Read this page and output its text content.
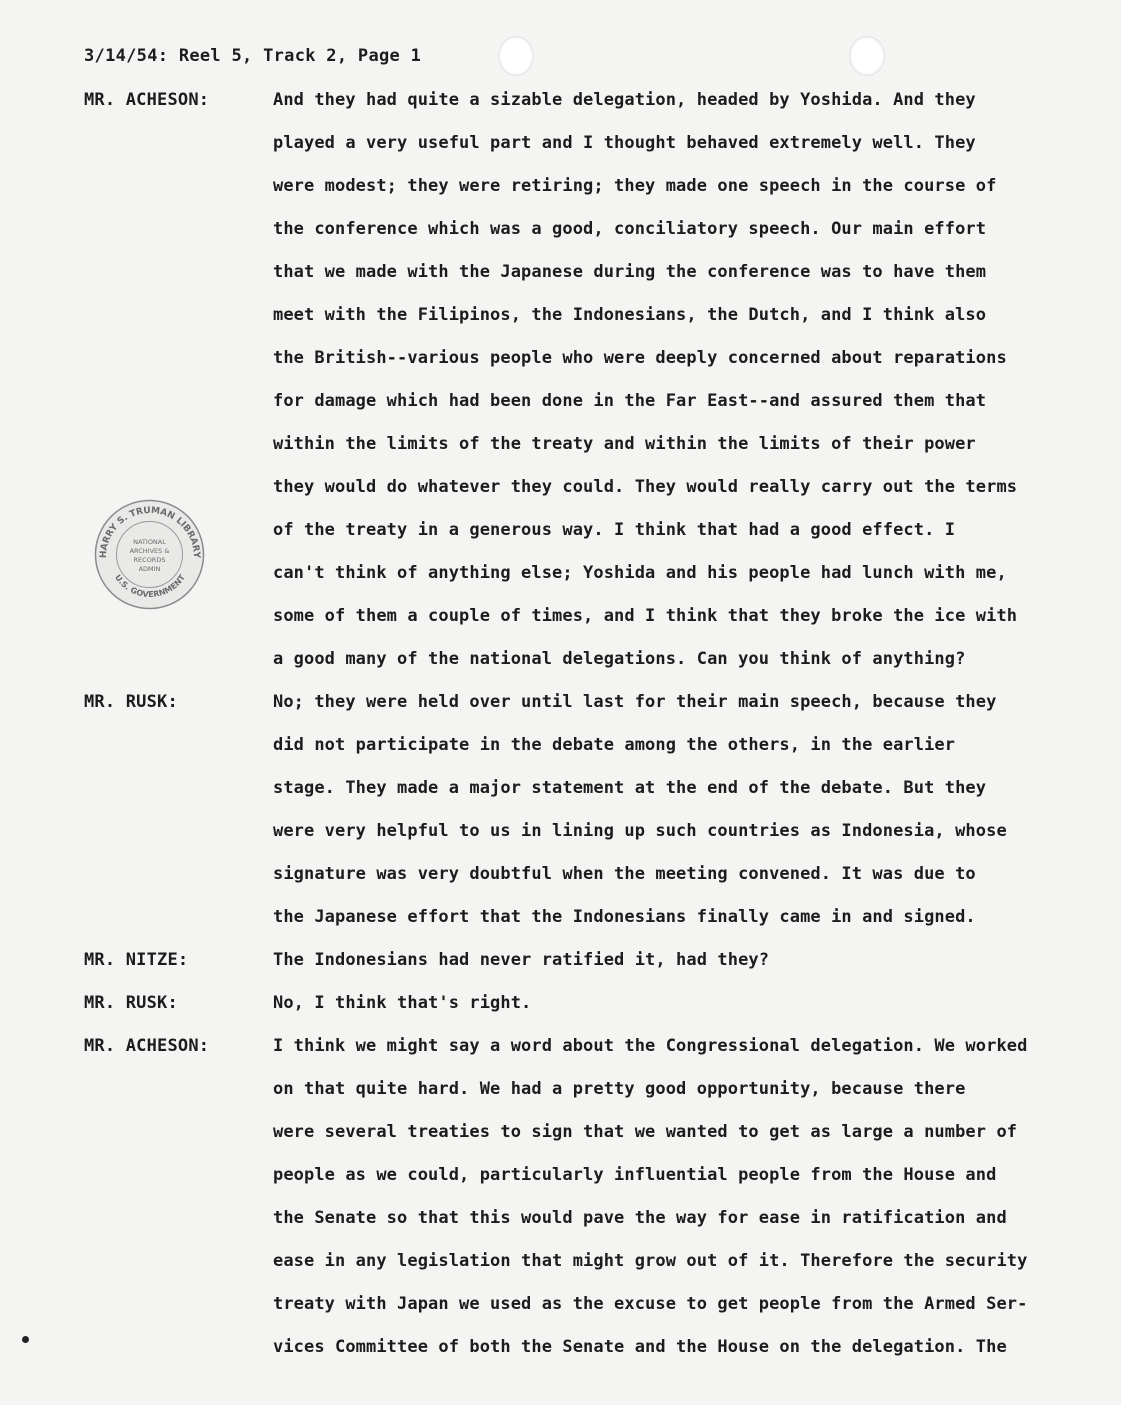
3/14/54: Reel 5, Track 2, Page 1
HARRY S. TRUMAN LIBRARY
U.S. GOVERNMENT
NATIONAL
ARCHIVES &
RECORDS
ADMIN
MR. ACHESON:	And they had quite a sizable delegation, headed by Yoshida. And they
played a very useful part and I thought behaved extremely well. They
were modest; they were retiring; they made one speech in the course of
the conference which was a good, conciliatory speech. Our main effort
that we made with the Japanese during the conference was to have them
meet with the Filipinos, the Indonesians, the Dutch, and I think also
the British--various people who were deeply concerned about reparations
for damage which had been done in the Far East--and assured them that
within the limits of the treaty and within the limits of their power
they would do whatever they could. They would really carry out the terms
of the treaty in a generous way. I think that had a good effect. I
can't think of anything else; Yoshida and his people had lunch with me,
some of them a couple of times, and I think that they broke the ice with
a good many of the national delegations. Can you think of anything?
MR. RUSK:	No; they were held over until last for their main speech, because they
did not participate in the debate among the others, in the earlier
stage. They made a major statement at the end of the debate. But they
were very helpful to us in lining up such countries as Indonesia, whose
signature was very doubtful when the meeting convened. It was due to
the Japanese effort that the Indonesians finally came in and signed.
MR. NITZE:	The Indonesians had never ratified it, had they?
MR. RUSK:	No, I think that's right.
MR. ACHESON:	I think we might say a word about the Congressional delegation. We worked
on that quite hard. We had a pretty good opportunity, because there
were several treaties to sign that we wanted to get as large a number of
people as we could, particularly influential people from the House and
the Senate so that this would pave the way for ease in ratification and
ease in any legislation that might grow out of it. Therefore the security
treaty with Japan we used as the excuse to get people from the Armed Ser-
vices Committee of both the Senate and the House on the delegation. The
